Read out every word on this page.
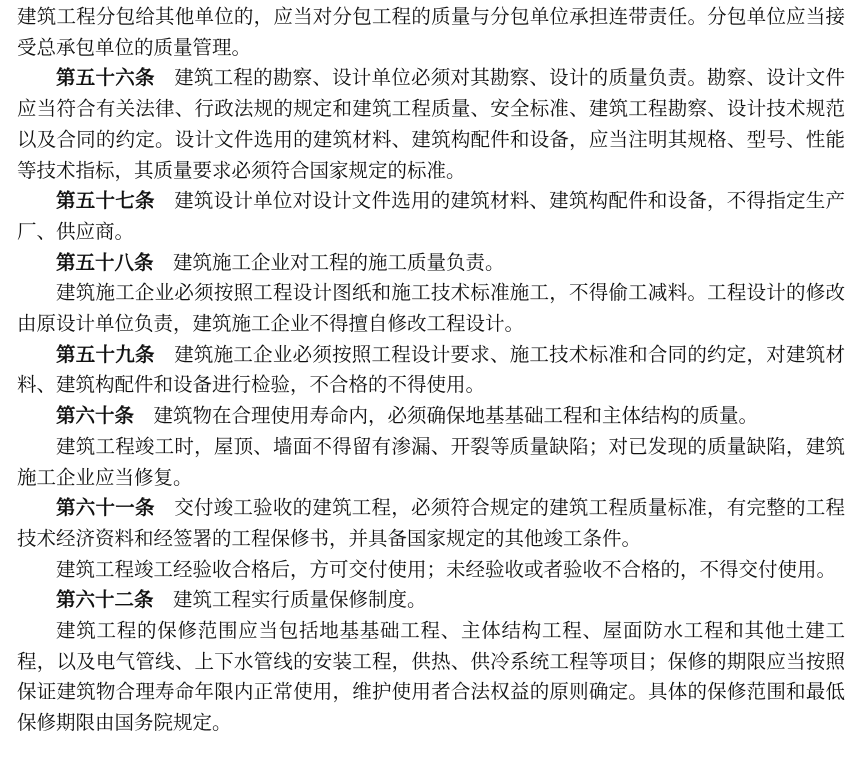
建筑工程分包给其他单位的，应当对分包工程的质量与分包单位承担连带责任。分包单位应当接受总承包单位的质量管理。

第五十六条 建筑工程的勘察、设计单位必须对其勘察、设计的质量负责。勘察、设计文件应当符合有关法律、行政法规的规定和建筑工程质量、安全标准、建筑工程勘察、设计技术规范以及合同的约定。设计文件选用的建筑材料、建筑构配件和设备，应当注明其规格、型号、性能等技术指标，其质量要求必须符合国家规定的标准。

第五十七条 建筑设计单位对设计文件选用的建筑材料、建筑构配件和设备，不得指定生产厂、供应商。

第五十八条 建筑施工企业对工程的施工质量负责。

建筑施工企业必须按照工程设计图纸和施工技术标准施工，不得偷工减料。工程设计的修改由原设计单位负责，建筑施工企业不得擅自修改工程设计。

第五十九条 建筑施工企业必须按照工程设计要求、施工技术标准和合同的约定，对建筑材料、建筑构配件和设备进行检验，不合格的不得使用。

第六十条 建筑物在合理使用寿命内，必须确保地基基础工程和主体结构的质量。

建筑工程竣工时，屋顶、墙面不得留有渗漏、开裂等质量缺陷；对已发现的质量缺陷，建筑施工企业应当修复。

第六十一条 交付竣工验收的建筑工程，必须符合规定的建筑工程质量标准，有完整的工程技术经济资料和经签署的工程保修书，并具备国家规定的其他竣工条件。

建筑工程竣工经验收合格后，方可交付使用；未经验收或者验收不合格的，不得交付使用。

第六十二条 建筑工程实行质量保修制度。

建筑工程的保修范围应当包括地基基础工程、主体结构工程、屋面防水工程和其他土建工程，以及电气管线、上下水管线的安装工程，供热、供冷系统工程等项目；保修的期限应当按照保证建筑物合理寿命年限内正常使用，维护使用者合法权益的原则确定。具体的保修范围和最低保修期限由国务院规定。
